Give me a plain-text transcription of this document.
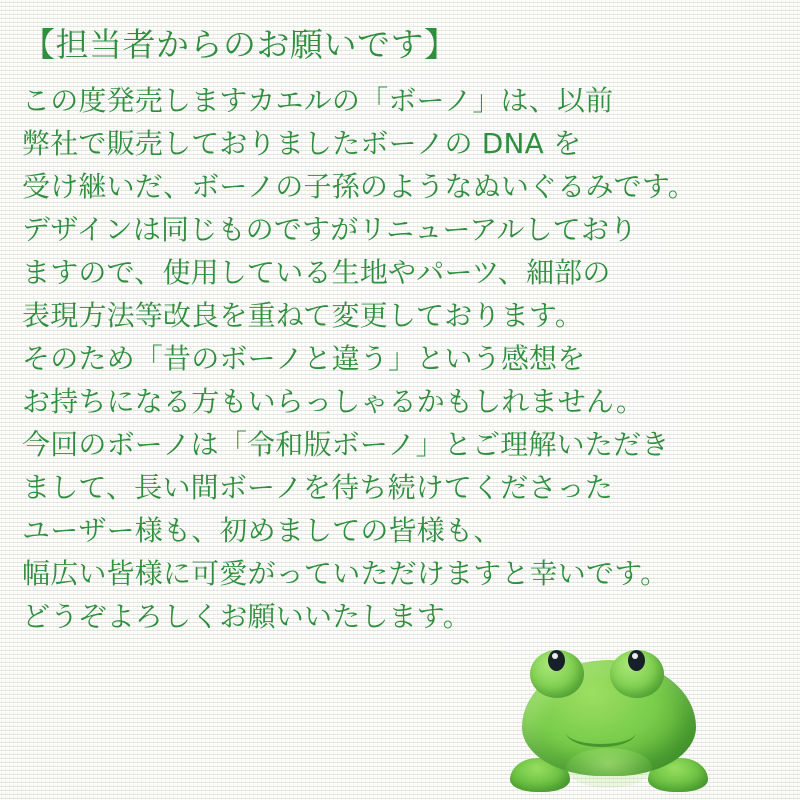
【担当者からのお願いです】
この度発売しますカエルの「ボーノ」は、以前
弊社で販売しておりましたボーノの DNA を
受け継いだ、ボーノの子孫のようなぬいぐるみです。
デザインは同じものですがリニューアルしており
ますので、使用している生地やパーツ、細部の
表現方法等改良を重ねて変更しております。
そのため「昔のボーノと違う」という感想を
お持ちになる方もいらっしゃるかもしれません。
今回のボーノは「令和版ボーノ」とご理解いただき
まして、長い間ボーノを待ち続けてくださった
ユーザー様も、初めましての皆様も、
幅広い皆様に可愛がっていただけますと幸いです。
どうぞよろしくお願いいたします。
